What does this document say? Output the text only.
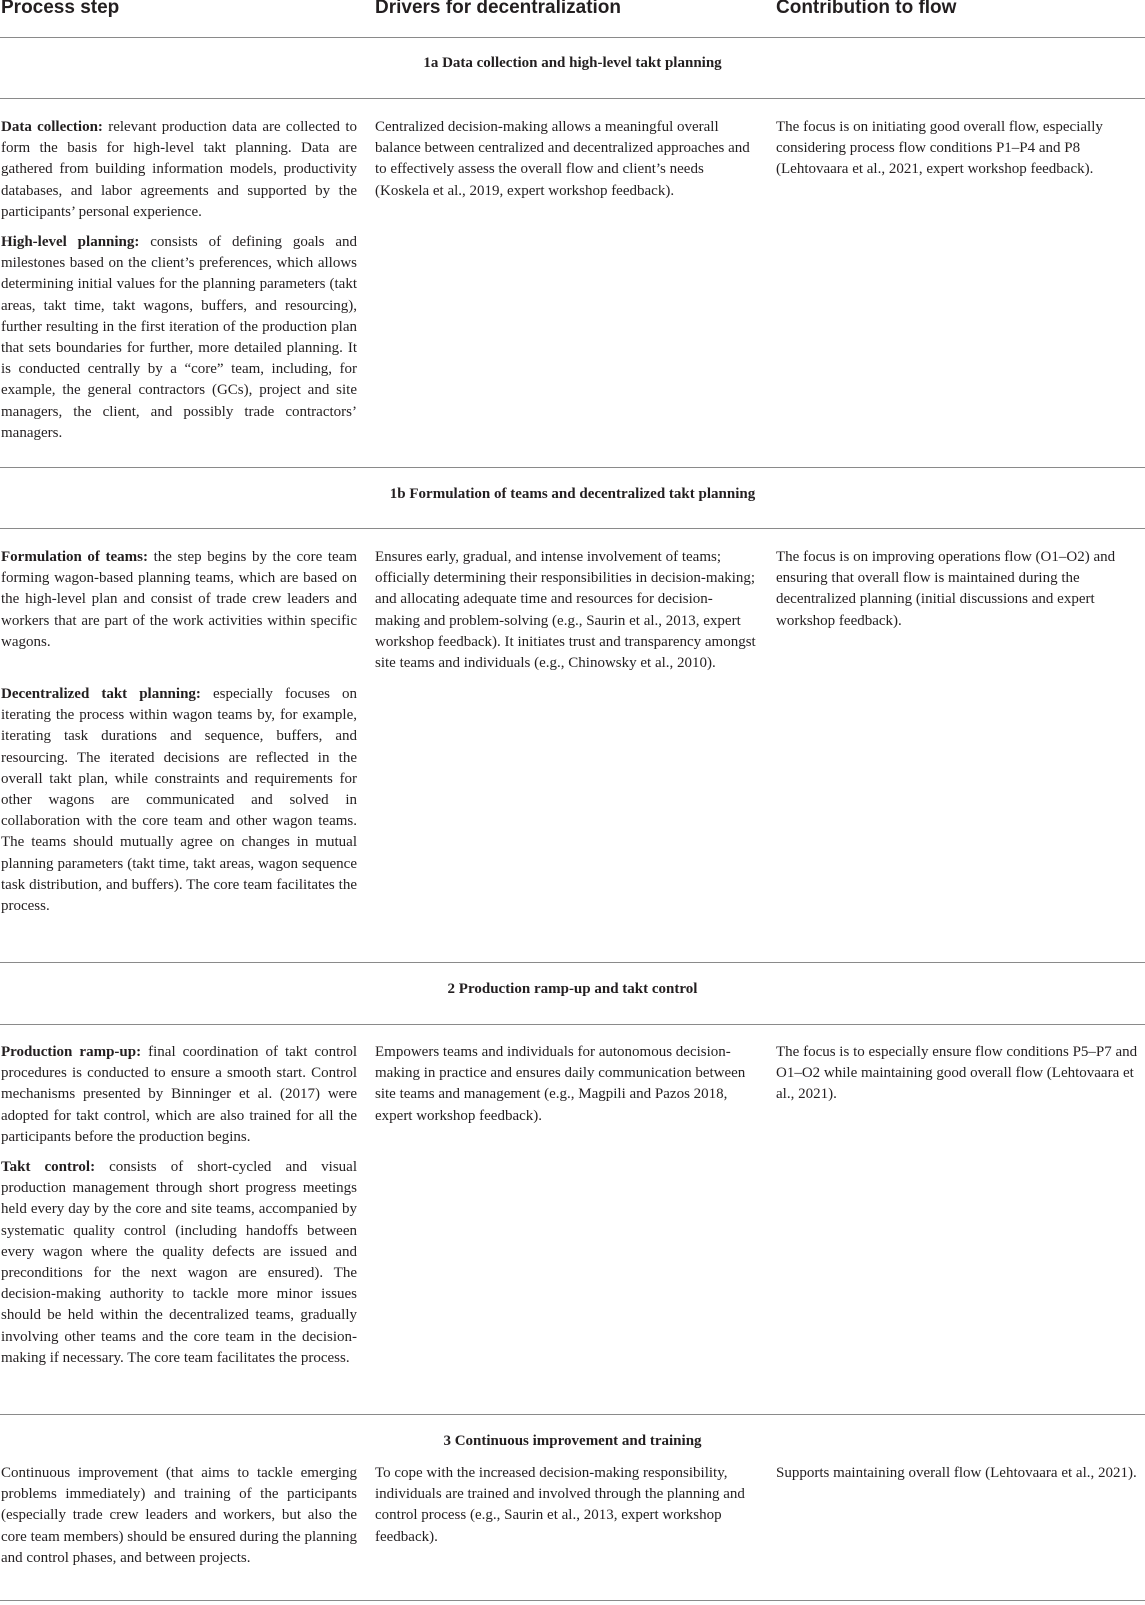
Process step	Drivers for decentralization	Contribution to flow
1a Data collection and high-level takt planning

Data collection: relevant production data are collected to form the basis for high-level takt planning. Data are gathered from building information models, productivity databases, and labor agreements and supported by the participants’ personal experience.

High-level planning: consists of defining goals and milestones based on the client’s preferences, which allows determining initial values for the planning parameters (takt areas, takt time, takt wagons, buffers, and resourcing), further resulting in the first iteration of the production plan that sets boundaries for further, more detailed planning. It is conducted centrally by a “core” team, including, for example, the general contractors (GCs), project and site managers, the client, and possibly trade contractors’ managers.

Centralized decision-making allows a meaningful overall balance between centralized and decentralized approaches and to effectively assess the overall flow and client’s needs (Koskela et al., 2019, expert workshop feedback).
The focus is on initiating good overall flow, especially considering process flow conditions P1–P4 and P8 (Lehtovaara et al., 2021, expert workshop feedback).
1b Formulation of teams and decentralized takt planning

Formulation of teams: the step begins by the core team forming wagon-based planning teams, which are based on the high-level plan and consist of trade crew leaders and workers that are part of the work activities within specific wagons.

Decentralized takt planning: especially focuses on iterating the process within wagon teams by, for example, iterating task durations and sequence, buffers, and resourcing. The iterated decisions are reflected in the overall takt plan, while constraints and requirements for other wagons are communicated and solved in collaboration with the core team and other wagon teams. The teams should mutually agree on changes in mutual planning parameters (takt time, takt areas, wagon sequence task distribution, and buffers). The core team facilitates the process.

Ensures early, gradual, and intense involvement of teams; officially determining their responsibilities in decision-making; and allocating adequate time and resources for decision-making and problem-solving (e.g., Saurin et al., 2013, expert workshop feedback). It initiates trust and transparency amongst site teams and individuals (e.g., Chinowsky et al., 2010).
The focus is on improving operations flow (O1–O2) and ensuring that overall flow is maintained during the decentralized planning (initial discussions and expert workshop feedback).
2 Production ramp-up and takt control

Production ramp-up: final coordination of takt control procedures is conducted to ensure a smooth start. Control mechanisms presented by Binninger et al. (2017) were adopted for takt control, which are also trained for all the participants before the production begins.

Takt control: consists of short-cycled and visual production management through short progress meetings held every day by the core and site teams, accompanied by systematic quality control (including handoffs between every wagon where the quality defects are issued and preconditions for the next wagon are ensured). The decision-making authority to tackle more minor issues should be held within the decentralized teams, gradually involving other teams and the core team in the decision-making if necessary. The core team facilitates the process.

Empowers teams and individuals for autonomous decision-making in practice and ensures daily communication between site teams and management (e.g., Magpili and Pazos 2018, expert workshop feedback).
The focus is to especially ensure flow conditions P5–P7 and O1–O2 while maintaining good overall flow (Lehtovaara et al., 2021).
3 Continuous improvement and training
Continuous improvement (that aims to tackle emerging problems immediately) and training of the participants (especially trade crew leaders and workers, but also the core team members) should be ensured during the planning and control phases, and between projects.
To cope with the increased decision-making responsibility, individuals are trained and involved through the planning and control process (e.g., Saurin et al., 2013, expert workshop feedback).
Supports maintaining overall flow (Lehtovaara et al., 2021).
